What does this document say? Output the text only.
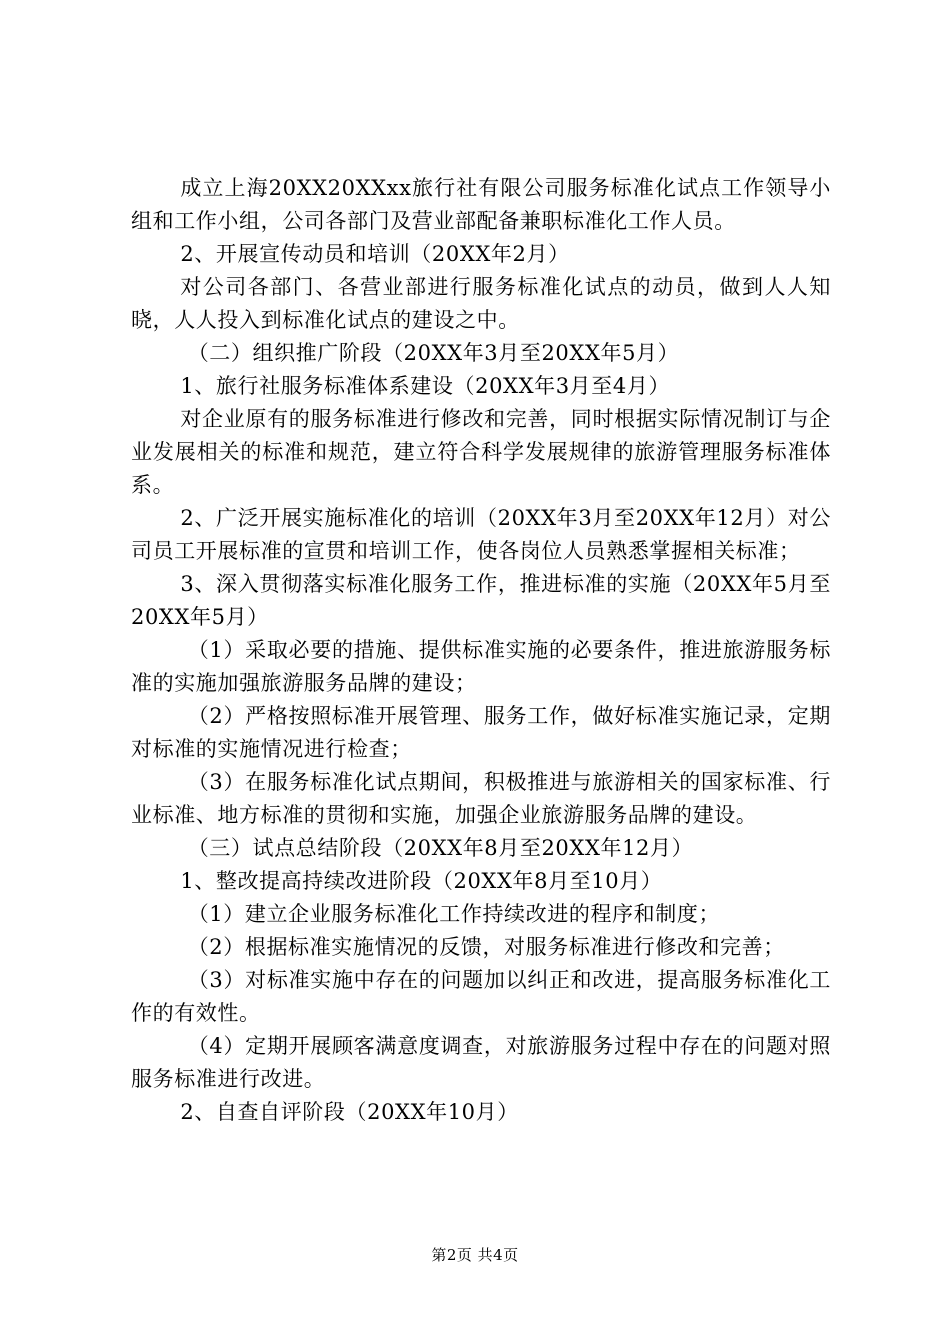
成立上海20XX20XXxx旅行社有限公司服务标准化试点工作领导小组和工作小组，公司各部门及营业部配备兼职标准化工作人员。

2、开展宣传动员和培训（20XX年2月）

对公司各部门、各营业部进行服务标准化试点的动员，做到人人知晓，人人投入到标准化试点的建设之中。

（二）组织推广阶段（20XX年3月至20XX年5月）

1、旅行社服务标准体系建设（20XX年3月至4月）

对企业原有的服务标准进行修改和完善，同时根据实际情况制订与企业发展相关的标准和规范，建立符合科学发展规律的旅游管理服务标准体系。

2、广泛开展实施标准化的培训（20XX年3月至20XX年12月）对公司员工开展标准的宣贯和培训工作，使各岗位人员熟悉掌握相关标准；

3、深入贯彻落实标准化服务工作，推进标准的实施（20XX年5月至20XX年5月）

（1）采取必要的措施、提供标准实施的必要条件，推进旅游服务标准的实施加强旅游服务品牌的建设；

（2）严格按照标准开展管理、服务工作，做好标准实施记录，定期对标准的实施情况进行检查；

（3）在服务标准化试点期间，积极推进与旅游相关的国家标准、行业标准、地方标准的贯彻和实施，加强企业旅游服务品牌的建设。

（三）试点总结阶段（20XX年8月至20XX年12月）

1、整改提高持续改进阶段（20XX年8月至10月）

（1）建立企业服务标准化工作持续改进的程序和制度；

（2）根据标准实施情况的反馈，对服务标准进行修改和完善；

（3）对标准实施中存在的问题加以纠正和改进，提高服务标准化工作的有效性。

（4）定期开展顾客满意度调查，对旅游服务过程中存在的问题对照服务标准进行改进。

2、自查自评阶段（20XX年10月）

第2页 共4页
